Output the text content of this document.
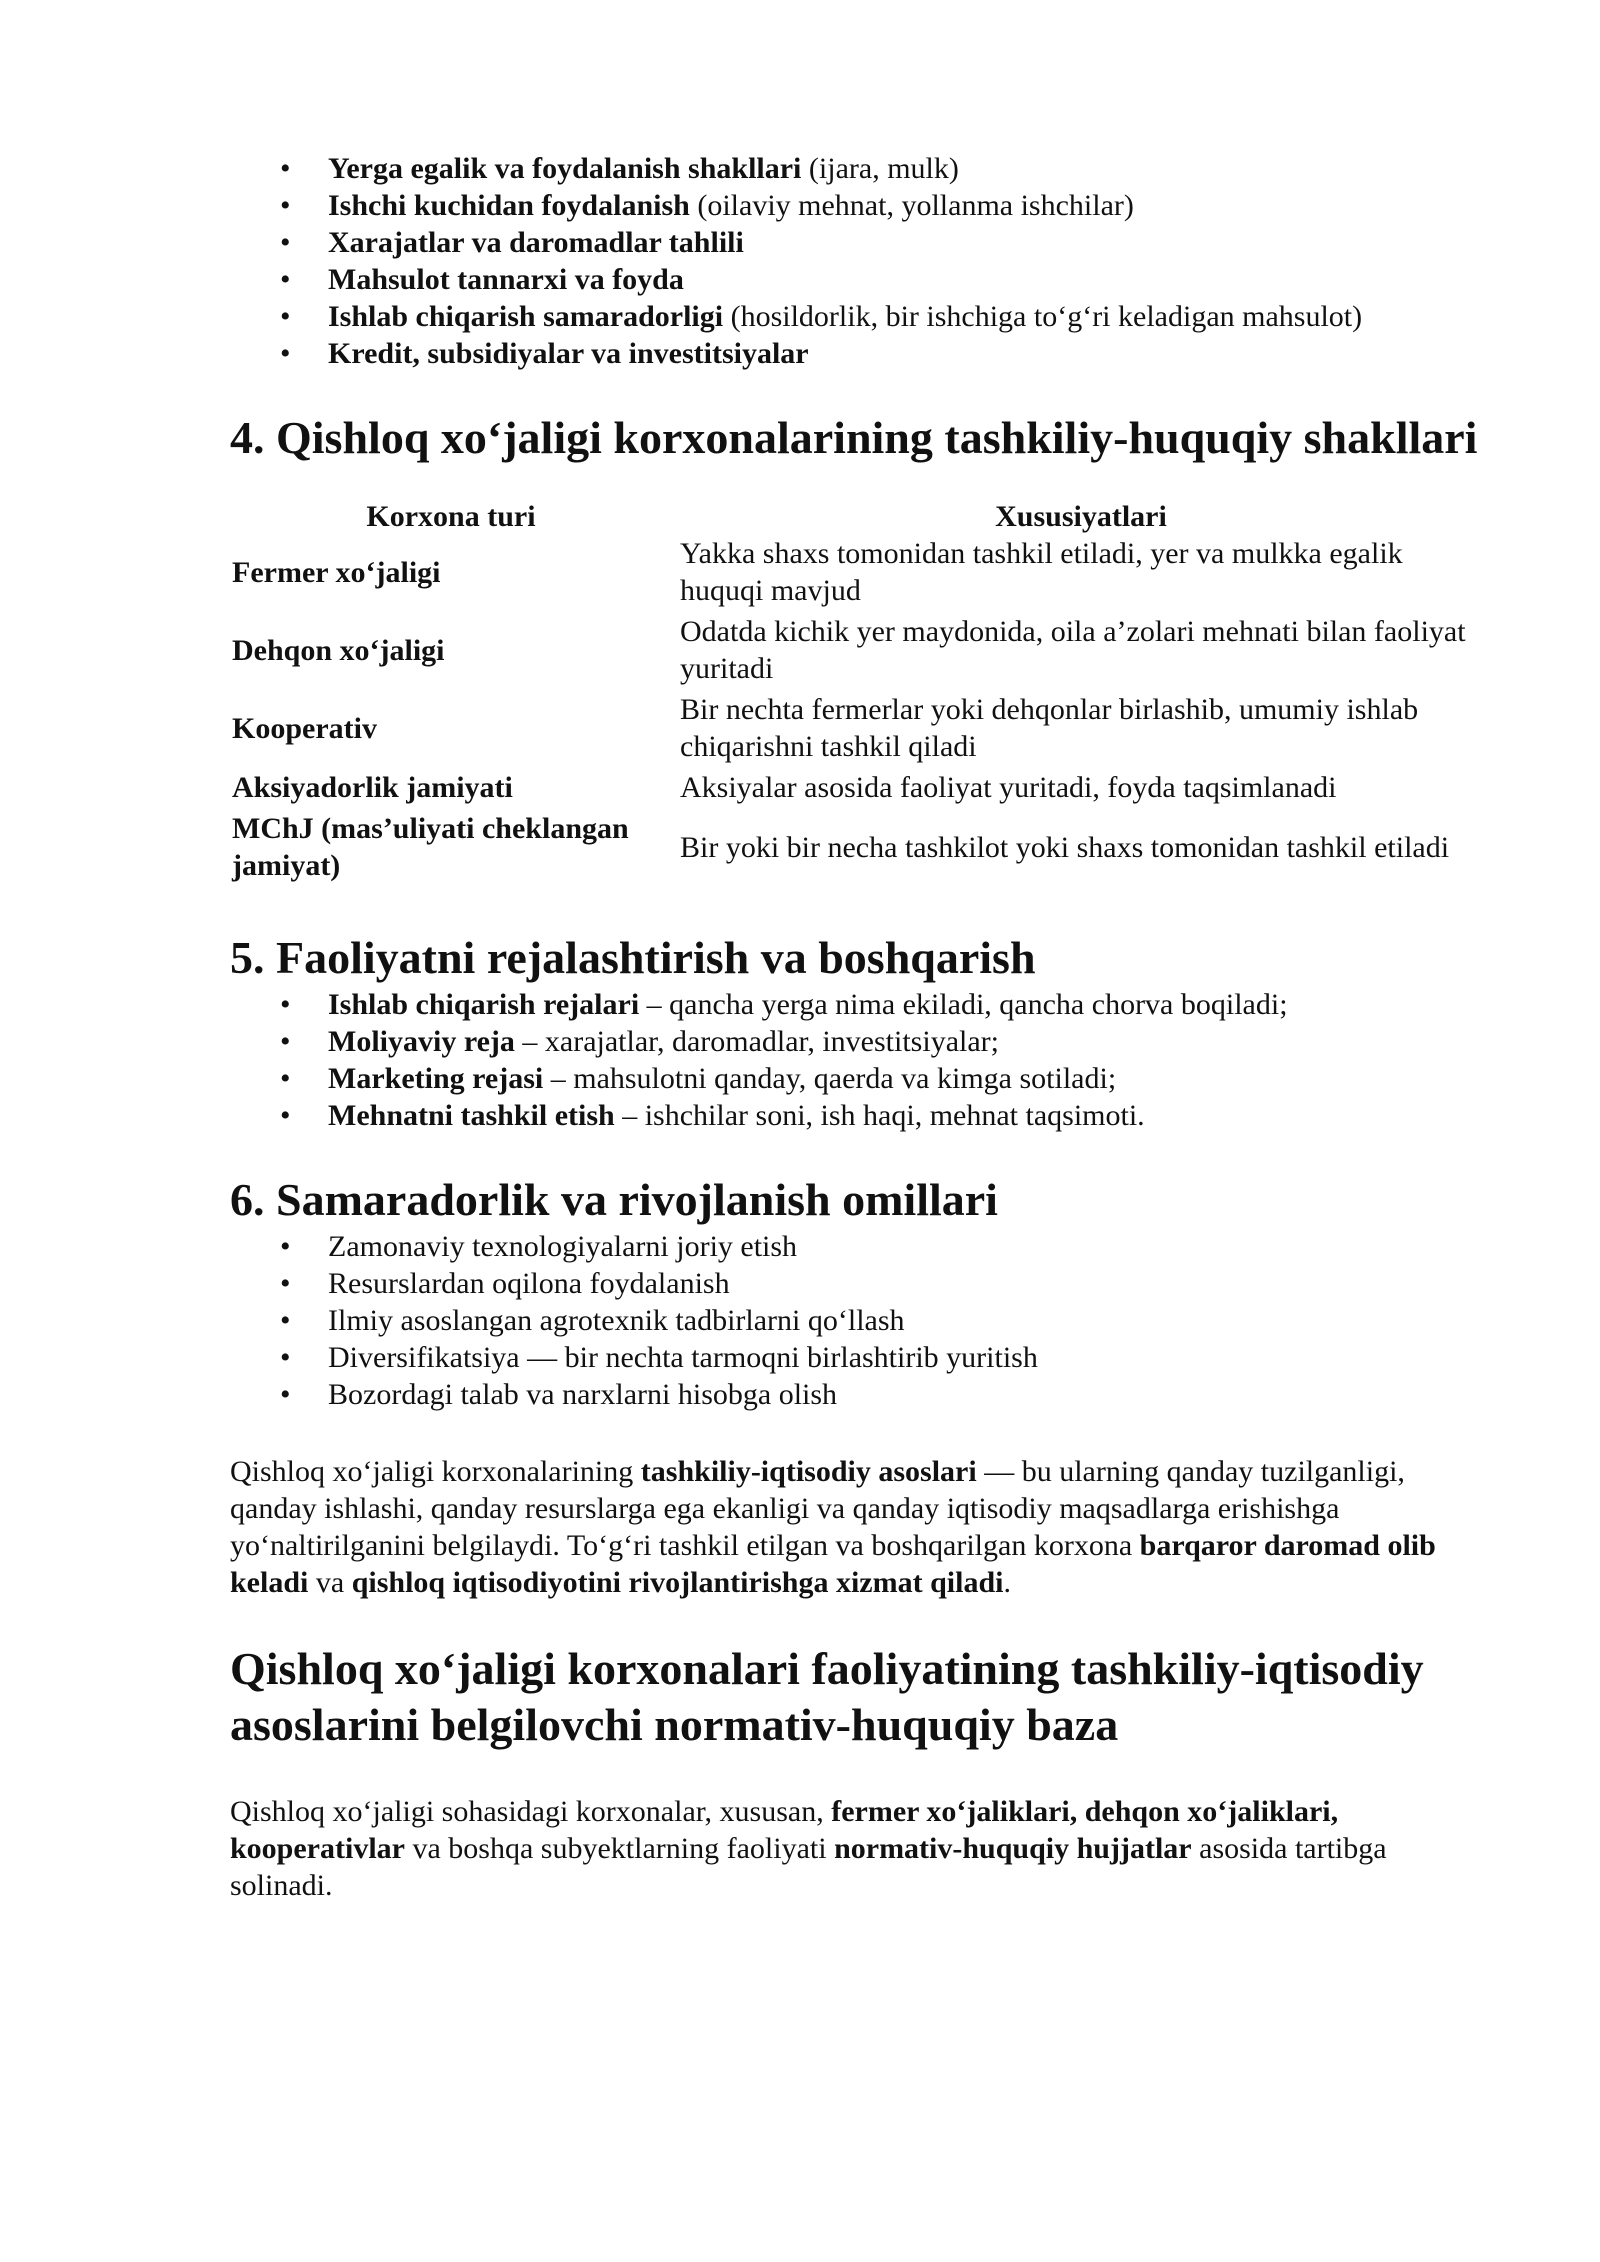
• Yerga egalik va foydalanish shakllari (ijara, mulk)
• Ishchi kuchidan foydalanish (oilaviy mehnat, yollanma ishchilar)
• Xarajatlar va daromadlar tahlili
• Mahsulot tannarxi va foyda
• Ishlab chiqarish samaradorligi (hosildorlik, bir ishchiga to‘g‘ri keladigan mahsulot)
• Kredit, subsidiyalar va investitsiyalar
4. Qishloq xo‘jaligi korxonalarining tashkiliy-huquqiy shakllari
Korxona turi	Xususiyatlari
Fermer xo‘jaligi	Yakka shaxs tomonidan tashkil etiladi, yer va mulkka egalik huquqi mavjud
Dehqon xo‘jaligi	Odatda kichik yer maydonida, oila a’zolari mehnati bilan faoliyat yuritadi
Kooperativ	Bir nechta fermerlar yoki dehqonlar birlashib, umumiy ishlab chiqarishni tashkil qiladi
Aksiyadorlik jamiyati	Aksiyalar asosida faoliyat yuritadi, foyda taqsimlanadi
MChJ (mas’uliyati cheklangan jamiyat)	Bir yoki bir necha tashkilot yoki shaxs tomonidan tashkil etiladi
5. Faoliyatni rejalashtirish va boshqarish
• Ishlab chiqarish rejalari – qancha yerga nima ekiladi, qancha chorva boqiladi;
• Moliyaviy reja – xarajatlar, daromadlar, investitsiyalar;
• Marketing rejasi – mahsulotni qanday, qaerda va kimga sotiladi;
• Mehnatni tashkil etish – ishchilar soni, ish haqi, mehnat taqsimoti.
6. Samaradorlik va rivojlanish omillari
• Zamonaviy texnologiyalarni joriy etish
• Resurslardan oqilona foydalanish
• Ilmiy asoslangan agrotexnik tadbirlarni qo‘llash
• Diversifikatsiya — bir nechta tarmoqni birlashtirib yuritish
• Bozordagi talab va narxlarni hisobga olish

Qishloq xo‘jaligi korxonalarining tashkiliy-iqtisodiy asoslari — bu ularning qanday tuzilganligi, qanday ishlashi, qanday resurslarga ega ekanligi va qanday iqtisodiy maqsadlarga erishishga yo‘naltirilganini belgilaydi. To‘g‘ri tashkil etilgan va boshqarilgan korxona barqaror daromad olib keladi va qishloq iqtisodiyotini rivojlantirishga xizmat qiladi.

Qishloq xo‘jaligi korxonalari faoliyatining tashkiliy-iqtisodiy asoslarini belgilovchi normativ-huquqiy baza

Qishloq xo‘jaligi sohasidagi korxonalar, xususan, fermer xo‘jaliklari, dehqon xo‘jaliklari, kooperativlar va boshqa subyektlarning faoliyati normativ-huquqiy hujjatlar asosida tartibga solinadi.
